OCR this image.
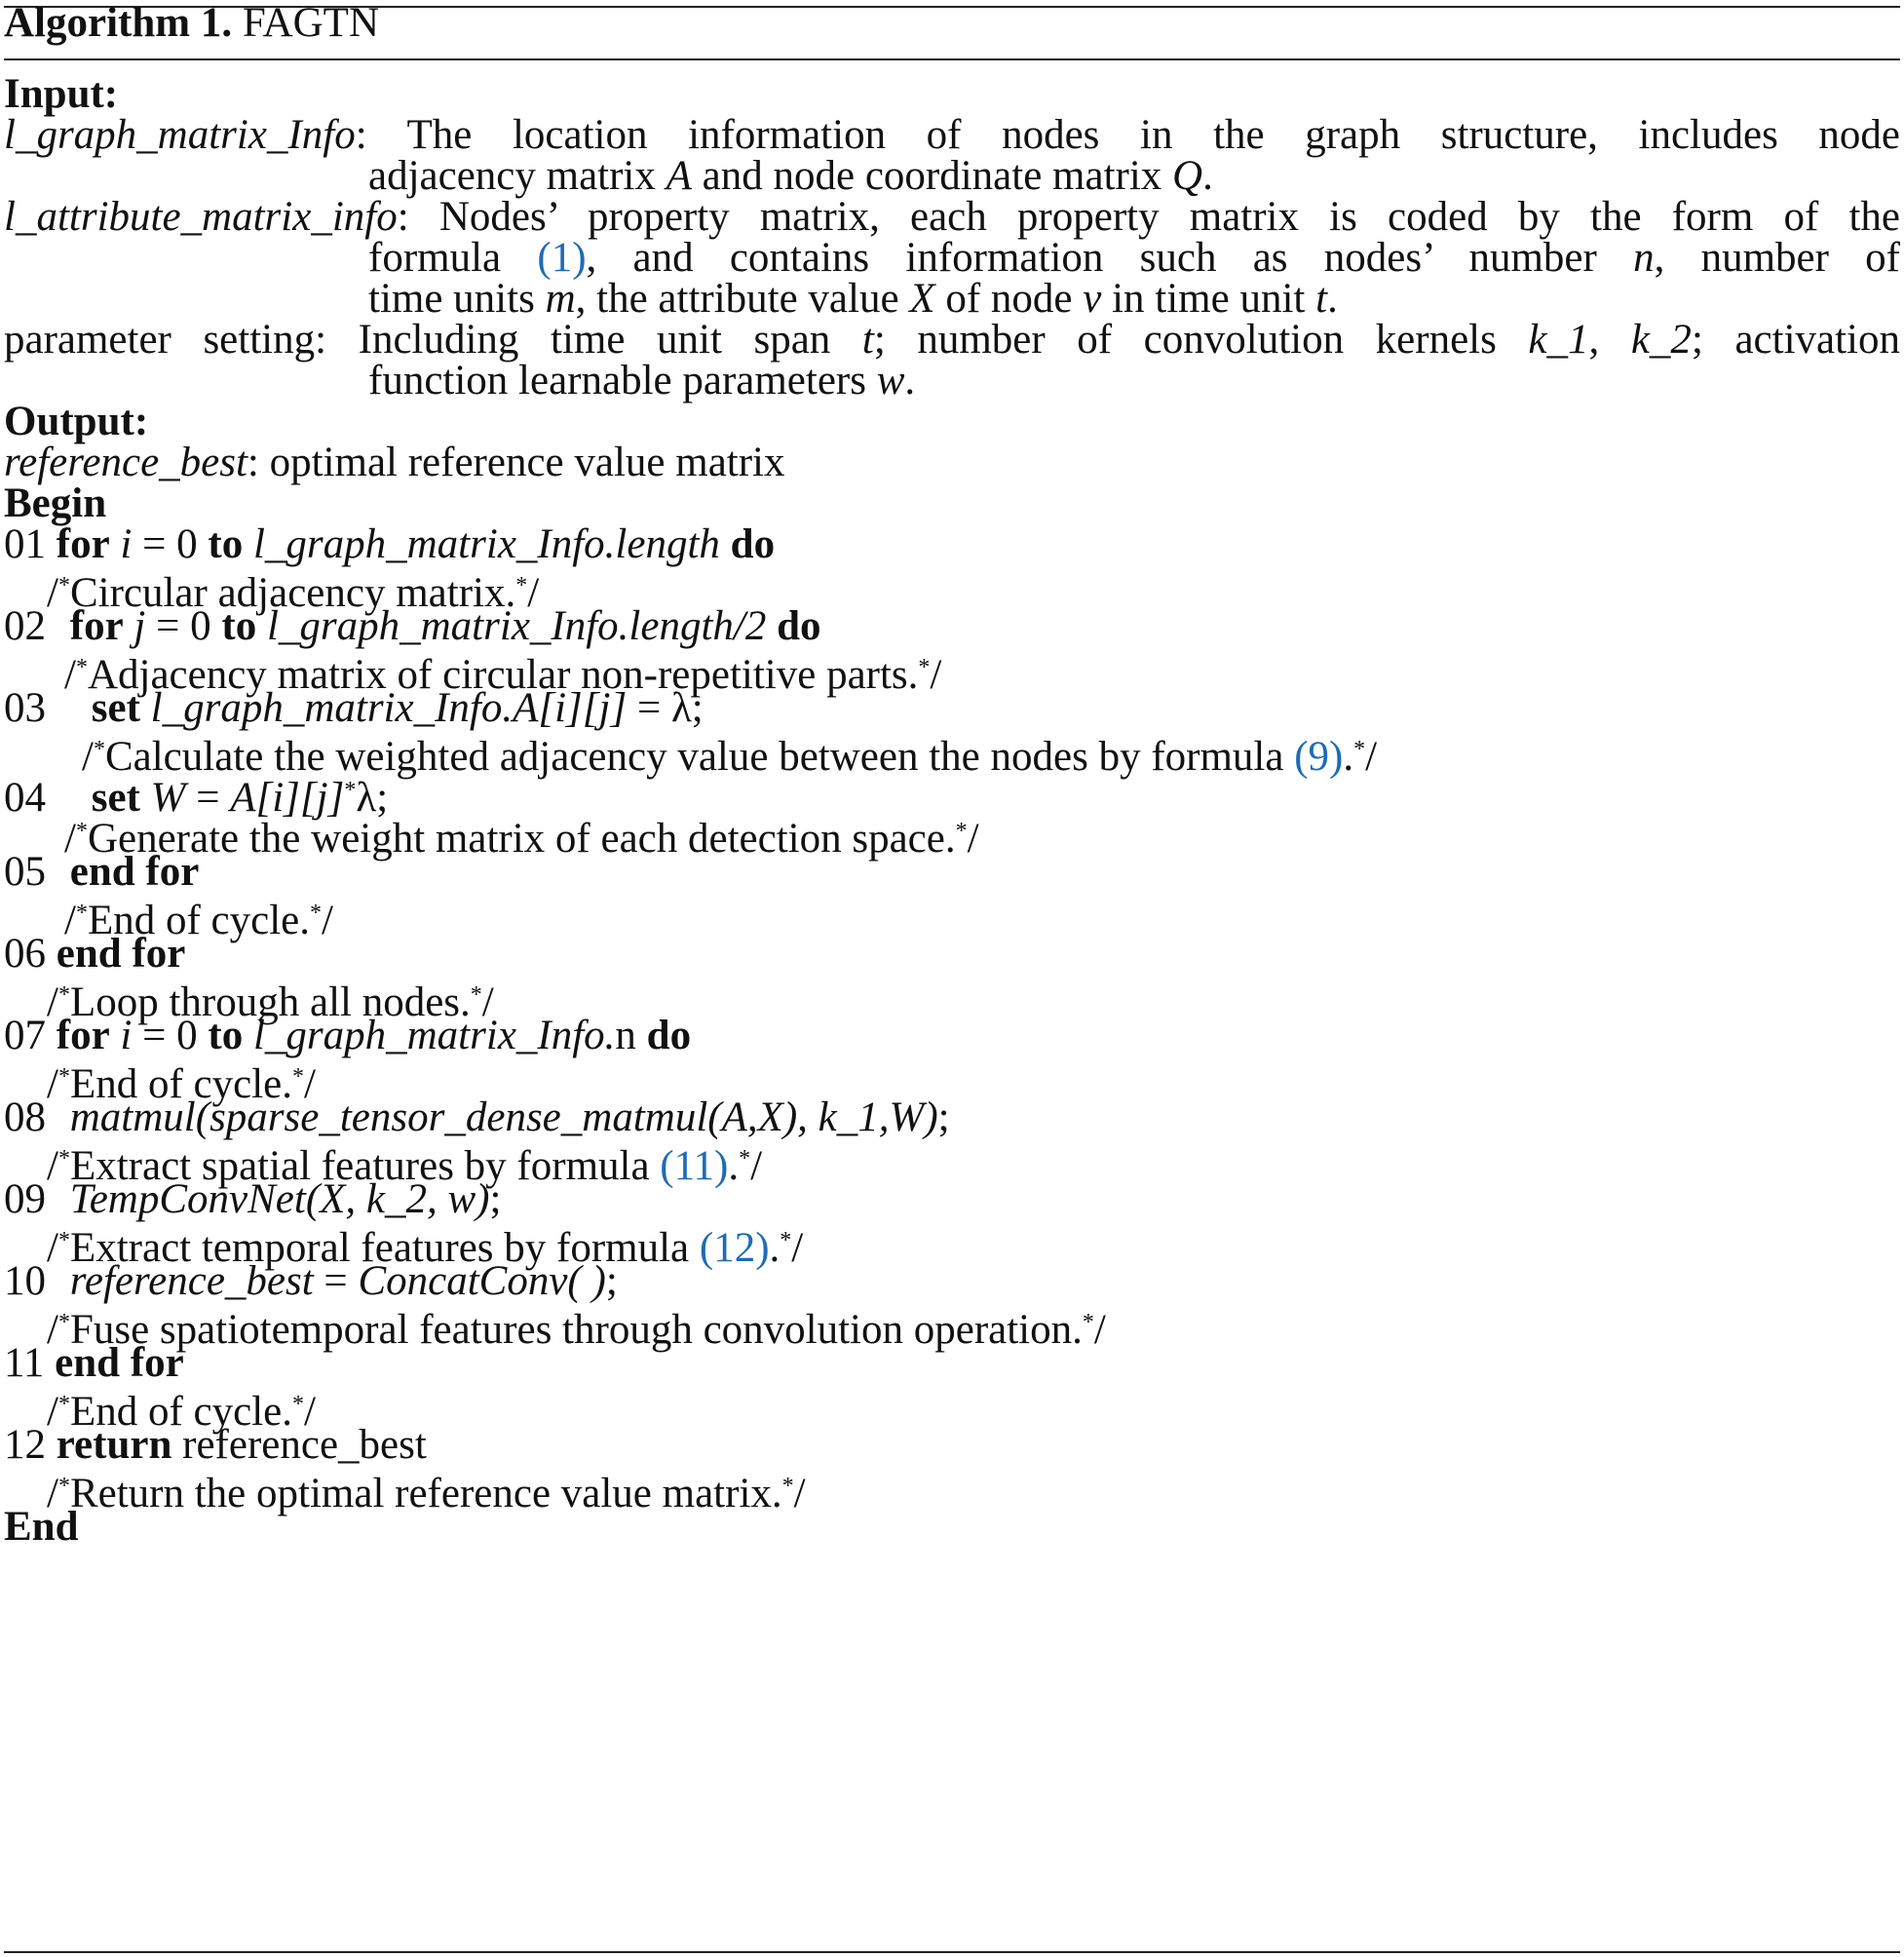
Algorithm 1. FAGTN
Input:
l_graph_matrix_Info: The location information of nodes in the graph structure, includes node
adjacency matrix A and node coordinate matrix Q.
l_attribute_matrix_info: Nodes’ property matrix, each property matrix is coded by the form of the
formula (1), and contains information such as nodes’ number n, number of
time units m, the attribute value X of node v in time unit t.
parameter setting: Including time unit span t; number of convolution kernels k_1, k_2; activation
function learnable parameters w.
Output:
reference_best: optimal reference value matrix
Begin
01 for i = 0 to l_graph_matrix_Info.length do
/*Circular adjacency matrix.*/
02 for j = 0 to l_graph_matrix_Info.length/2 do
/*Adjacency matrix of circular non-repetitive parts.*/
03 set l_graph_matrix_Info.A[i][j] = λ;
/*Calculate the weighted adjacency value between the nodes by formula (9).*/
04 set W = A[i][j]*λ;
/*Generate the weight matrix of each detection space.*/
05 end for
/*End of cycle.*/
06 end for
/*Loop through all nodes.*/
07 for i = 0 to l_graph_matrix_Info.n do
/*End of cycle.*/
08 matmul(sparse_tensor_dense_matmul(A,X), k_1,W);
/*Extract spatial features by formula (11).*/
09 TempConvNet(X, k_2, w);
/*Extract temporal features by formula (12).*/
10 reference_best = ConcatConv( );
/*Fuse spatiotemporal features through convolution operation.*/
11 end for
/*End of cycle.*/
12 return reference_best
/*Return the optimal reference value matrix.*/
End
